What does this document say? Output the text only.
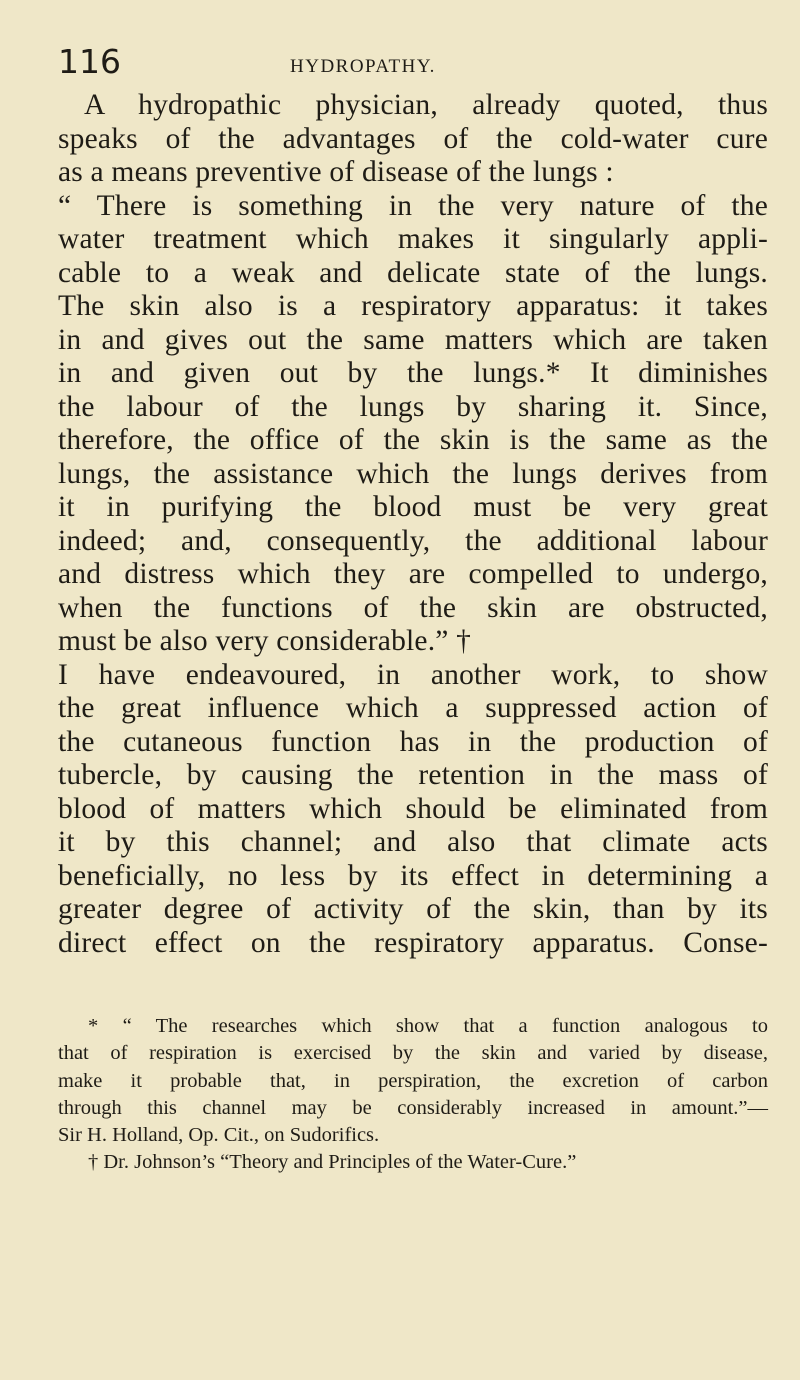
116	HYDROPATHY.
A hydropathic physician, already quoted, thus
speaks of the advantages of the cold-water cure
as a means preventive of disease of the lungs :
“ There is something in the very nature of the
water treatment which makes it singularly appli-
cable to a weak and delicate state of the lungs.
The skin also is a respiratory apparatus: it takes
in and gives out the same matters which are taken
in and given out by the lungs.* It diminishes
the labour of the lungs by sharing it. Since,
therefore, the office of the skin is the same as the
lungs, the assistance which the lungs derives from
it in purifying the blood must be very great
indeed; and, consequently, the additional labour
and distress which they are compelled to undergo,
when the functions of the skin are obstructed,
must be also very considerable.” †
I have endeavoured, in another work, to show
the great influence which a suppressed action of
the cutaneous function has in the production of
tubercle, by causing the retention in the mass of
blood of matters which should be eliminated from
it by this channel; and also that climate acts
beneficially, no less by its effect in determining a
greater degree of activity of the skin, than by its
direct effect on the respiratory apparatus. Conse-
* “ The researches which show that a function analogous to
that of respiration is exercised by the skin and varied by disease,
make it probable that, in perspiration, the excretion of carbon
through this channel may be considerably increased in amount.”—
Sir H. Holland, Op. Cit., on Sudorifics.
† Dr. Johnson’s “Theory and Principles of the Water-Cure.”
